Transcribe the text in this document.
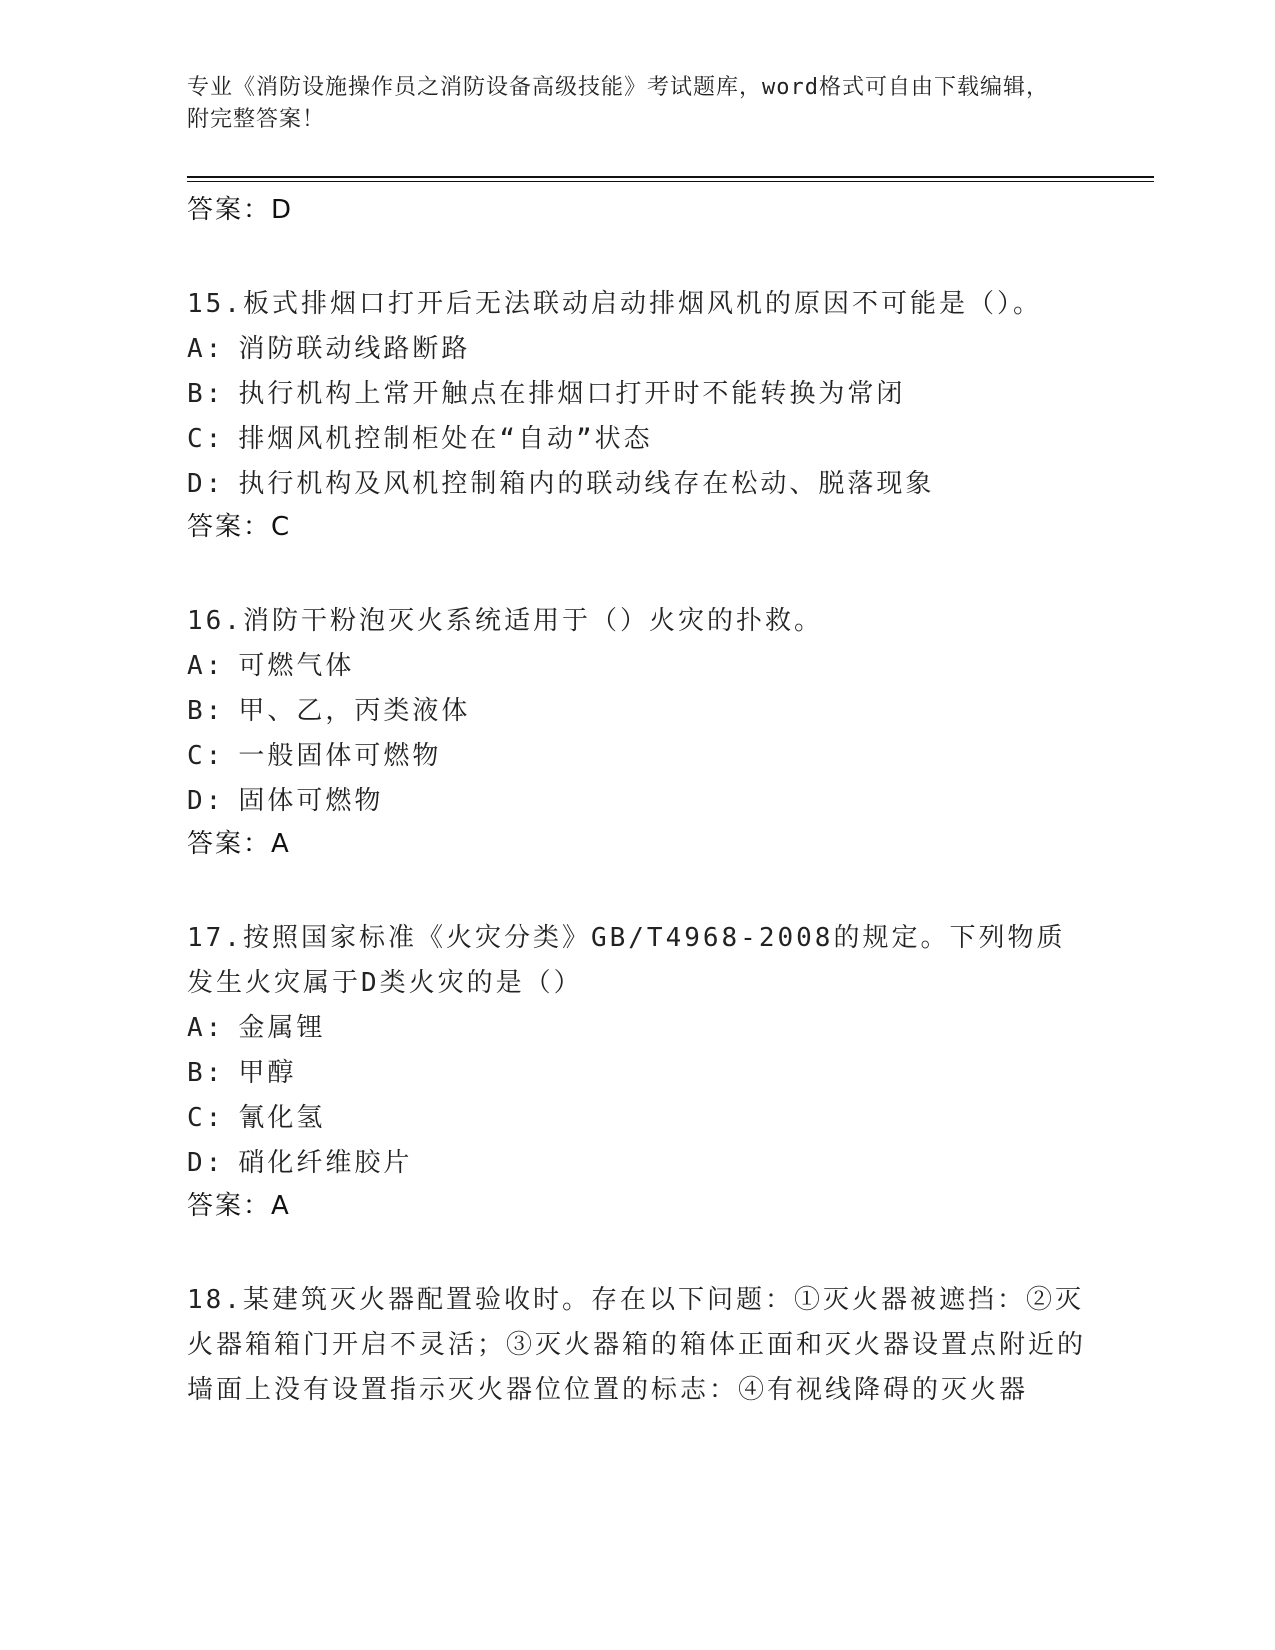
专业《消防设施操作员之消防设备高级技能》考试题库，word格式可自由下载编辑，附完整答案！
答案：D
15.板式排烟口打开后无法联动启动排烟风机的原因不可能是（）。
A: 消防联动线路断路
B: 执行机构上常开触点在排烟口打开时不能转换为常闭
C: 排烟风机控制柜处在“自动”状态
D: 执行机构及风机控制箱内的联动线存在松动、脱落现象
答案：C
16.消防干粉泡灭火系统适用于（）火灾的扑救。
A: 可燃气体
B: 甲、乙，丙类液体
C: 一般固体可燃物
D: 固体可燃物
答案：A
17.按照国家标准《火灾分类》GB/T4968-2008的规定。下列物质发生火灾属于D类火灾的是（）
A: 金属锂
B: 甲醇
C: 氰化氢
D: 硝化纤维胶片
答案：A
18.某建筑灭火器配置验收时。存在以下问题：①灭火器被遮挡：②灭火器箱箱门开启不灵活；③灭火器箱的箱体正面和灭火器设置点附近的墙面上没有设置指示灭火器位位置的标志：④有视线降碍的灭火器
